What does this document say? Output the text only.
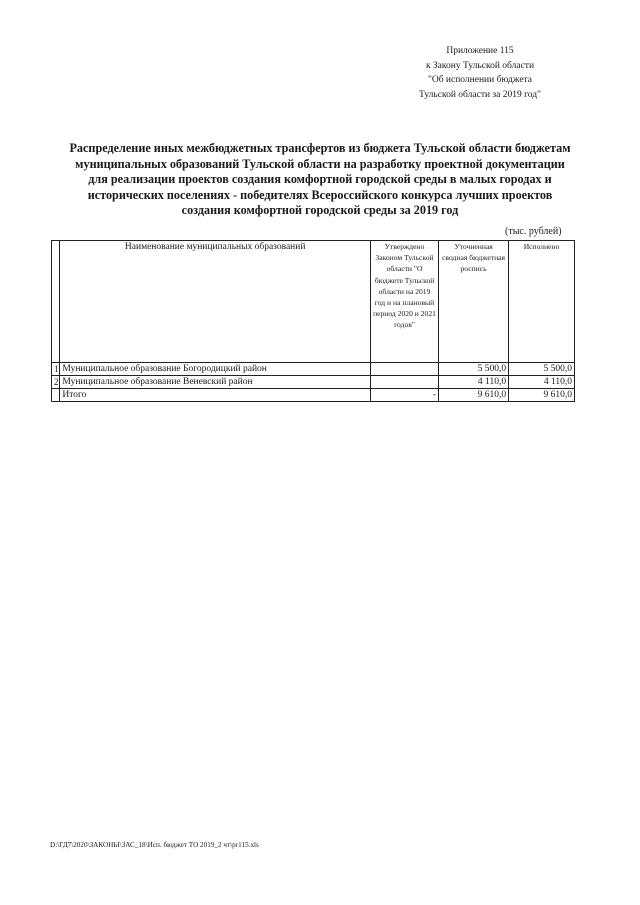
Приложение 115
к Закону Тульской области
"Об исполнении бюджета
Тульской области за 2019 год"
Распределение иных межбюджетных трансфертов из бюджета Тульской области бюджетам
муниципальных образований Тульской области на разработку проектной документации
для реализации проектов создания комфортной городской среды в малых городах и
исторических поселениях - победителях Всероссийского конкурса лучших проектов
создания комфортной городской среды за 2019 год
(тыс. рублей)
	Наименование муниципальных образований	Утверждено Законом Тульской области "О бюджете Тульской области на 2019 год и на плановый период 2020 и 2021 годов"	Уточненная сводная бюджетная роспись	Исполнено
1	Муниципальное образование Богородицкий район		5 500,0	5 500,0
2	Муниципальное образование Веневский район		4 110,0	4 110,0
	Итого	-	9 610,0	9 610,0
D:\ГД7\2020\ЗАКОНЫ\ЗАС_18\Исп. бюджет ТО 2019_2 чт\pr115.xls
